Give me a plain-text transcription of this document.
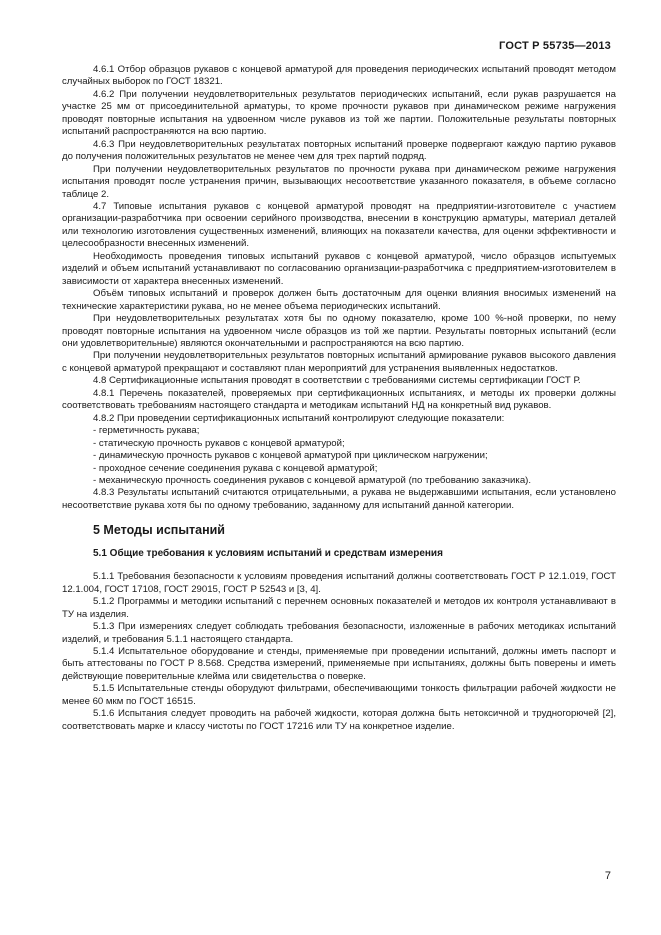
ГОСТ Р 55735—2013

4.6.1 Отбор образцов рукавов с концевой арматурой для проведения периодических испытаний проводят методом случайных выборок по ГОСТ 18321.

4.6.2 При получении неудовлетворительных результатов периодических испытаний, если рукав разрушается на участке 25 мм от присоединительной арматуры, то кроме прочности рукавов при динамическом режиме нагружения проводят повторные испытания на удвоенном числе рукавов из той же партии. Положительные результаты повторных испытаний распространяются на всю партию.

4.6.3 При неудовлетворительных результатах повторных испытаний проверке подвергают каждую партию рукавов до получения положительных результатов не менее чем для трех партий подряд.

При получении неудовлетворительных результатов по прочности рукава при динамическом режиме нагружения испытания проводят после устранения причин, вызывающих несоответствие указанного показателя, в объеме согласно таблице 2.

4.7 Типовые испытания рукавов с концевой арматурой проводят на предприятии-изготовителе с участием организации-разработчика при освоении серийного производства, внесении в конструкцию арматуры, материал деталей или технологию изготовления существенных изменений, влияющих на показатели качества, для оценки эффективности и целесообразности внесенных изменений.

Необходимость проведения типовых испытаний рукавов с концевой арматурой, число образцов испытуемых изделий и объем испытаний устанавливают по согласованию организации-разработчика с предприятием-изготовителем в зависимости от характера внесенных изменений.

Объём типовых испытаний и проверок должен быть достаточным для оценки влияния вносимых изменений на технические характеристики рукава, но не менее объема периодических испытаний.

При неудовлетворительных результатах хотя бы по одному показателю, кроме 100 %-ной проверки, по нему проводят повторные испытания на удвоенном числе образцов из той же партии. Результаты повторных испытаний (если они удовлетворительные) являются окончательными и распространяются на всю партию.

При получении неудовлетворительных результатов повторных испытаний армирование рукавов высокого давления с концевой арматурой прекращают и составляют план мероприятий для устранения выявленных недостатков.

4.8 Сертификационные испытания проводят в соответствии с требованиями системы сертификации ГОСТ Р.

4.8.1 Перечень показателей, проверяемых при сертификационных испытаниях, и методы их проверки должны соответствовать требованиям настоящего стандарта и методикам испытаний НД на конкретный вид рукавов.

4.8.2 При проведении сертификационных испытаний контролируют следующие показатели:

- герметичность рукава;

- статическую прочность рукавов с концевой арматурой;

- динамическую прочность рукавов с концевой арматурой при циклическом нагружении;

- проходное сечение соединения рукава с концевой арматурой;

- механическую прочность соединения рукавов с концевой арматурой (по требованию заказчика).

4.8.3 Результаты испытаний считаются отрицательными, а рукава не выдержавшими испытания, если установлено несоответствие рукава хотя бы по одному требованию, заданному для испытаний данной категории.

5 Методы испытаний
5.1 Общие требования к условиям испытаний и средствам измерения

5.1.1 Требования безопасности к условиям проведения испытаний должны соответствовать ГОСТ Р 12.1.019, ГОСТ 12.1.004, ГОСТ 17108, ГОСТ 29015, ГОСТ Р 52543 и [3, 4].

5.1.2 Программы и методики испытаний с перечнем основных показателей и методов их контроля устанавливают в ТУ на изделия.

5.1.3 При измерениях следует соблюдать требования безопасности, изложенные в рабочих методиках испытаний изделий, и требования 5.1.1 настоящего стандарта.

5.1.4 Испытательное оборудование и стенды, применяемые при проведении испытаний, должны иметь паспорт и быть аттестованы по ГОСТ Р 8.568. Средства измерений, применяемые при испытаниях, должны быть поверены и иметь действующие поверительные клейма или свидетельства о поверке.

5.1.5 Испытательные стенды оборудуют фильтрами, обеспечивающими тонкость фильтрации рабочей жидкости не менее 60 мкм по ГОСТ 16515.

5.1.6 Испытания следует проводить на рабочей жидкости, которая должна быть нетоксичной и трудногорючей [2], соответствовать марке и классу чистоты по ГОСТ 17216 или ТУ на конкретное изделие.

7
